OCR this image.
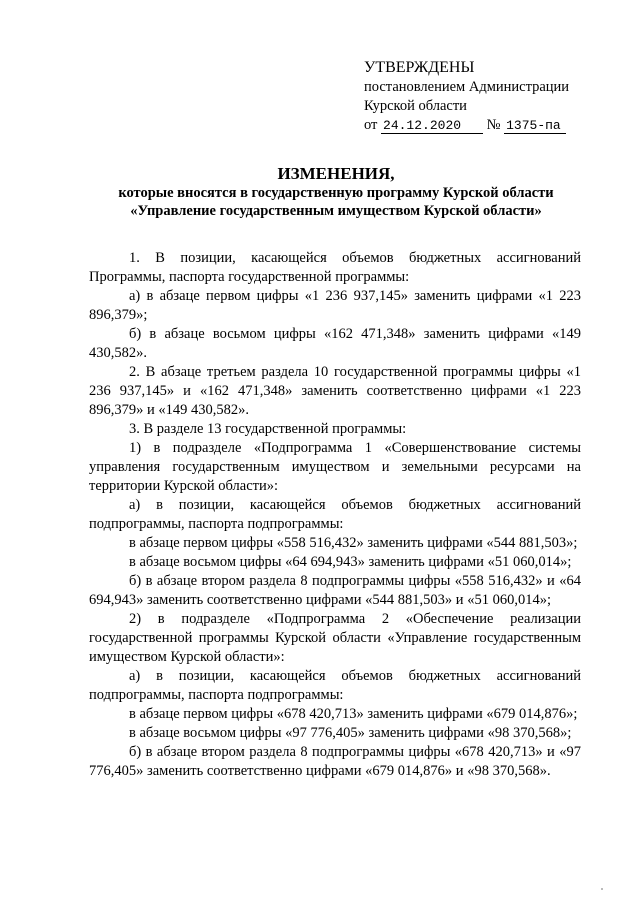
УТВЕРЖДЕНЫ
постановлением Администрации
Курской области
от 24.12.2020 № 1375-па
ИЗМЕНЕНИЯ,
которые вносятся в государственную программу Курской области
«Управление государственным имуществом Курской области»

1. В позиции, касающейся объемов бюджетных ассигнований Программы, паспорта государственной программы:

а) в абзаце первом цифры «1 236 937,145» заменить цифрами «1 223 896,379»;

б) в абзаце восьмом цифры «162 471,348» заменить цифрами «149 430,582».

2. В абзаце третьем раздела 10 государственной программы цифры «1 236 937,145» и «162 471,348» заменить соответственно цифрами «1 223 896,379» и «149 430,582».

3. В разделе 13 государственной программы:

1) в подразделе «Подпрограмма 1 «Совершенствование системы управления государственным имуществом и земельными ресурсами на территории Курской области»:

а) в позиции, касающейся объемов бюджетных ассигнований подпрограммы, паспорта подпрограммы:

в абзаце первом цифры «558 516,432» заменить цифрами «544 881,503»;

в абзаце восьмом цифры «64 694,943» заменить цифрами «51 060,014»;

б) в абзаце втором раздела 8 подпрограммы цифры «558 516,432» и «64 694,943» заменить соответственно цифрами «544 881,503» и «51 060,014»;

2) в подразделе «Подпрограмма 2 «Обеспечение реализации государственной программы Курской области «Управление государственным имуществом Курской области»:

а) в позиции, касающейся объемов бюджетных ассигнований подпрограммы, паспорта подпрограммы:

в абзаце первом цифры «678 420,713» заменить цифрами «679 014,876»;

в абзаце восьмом цифры «97 776,405» заменить цифрами «98 370,568»;

б) в абзаце втором раздела 8 подпрограммы цифры «678 420,713» и «97 776,405» заменить соответственно цифрами «679 014,876» и «98 370,568».
